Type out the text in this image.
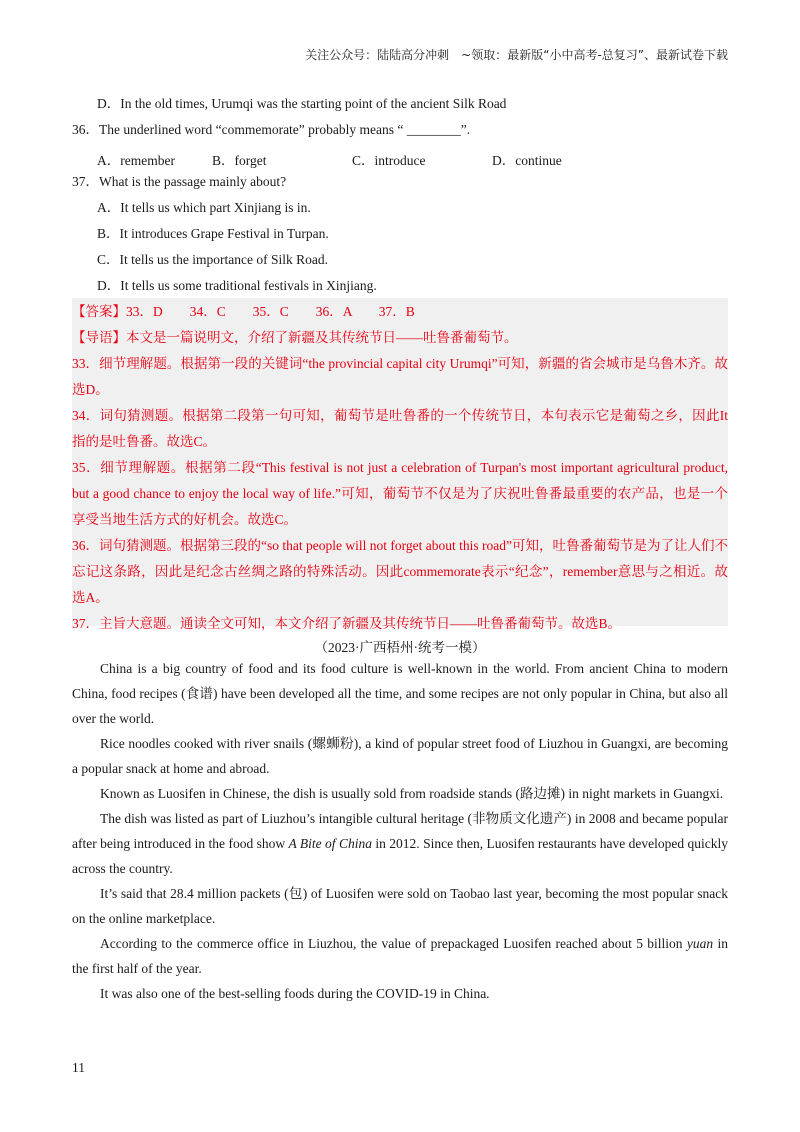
关注公众号：陆陆高分冲刺　~领取：最新版“小中高考-总复习”、最新试卷下载
D．In the old times, Urumqi was the starting point of the ancient Silk Road
36．The underlined word “commemorate” probably means “ ________”.
A．remember	B．forget	C．introduce	D．continue
37．What is the passage mainly about?
A．It tells us which part Xinjiang is in.
B．It introduces Grape Festival in Turpan.
C．It tells us the importance of Silk Road.
D．It tells us some traditional festivals in Xinjiang.

【答案】33．D　　34．C　　35．C　　36．A　　37．B

【导语】本文是一篇说明文，介绍了新疆及其传统节日——吐鲁番葡萄节。

33．细节理解题。根据第一段的关键词“the provincial capital city Urumqi”可知，新疆的省会城市是乌鲁木齐。故选D。

34．词句猜测题。根据第二段第一句可知，葡萄节是吐鲁番的一个传统节日，本句表示它是葡萄之乡，因此It指的是吐鲁番。故选C。

35．细节理解题。根据第二段“This festival is not just a celebration of Turpan's most important agricultural product, but a good chance to enjoy the local way of life.”可知，葡萄节不仅是为了庆祝吐鲁番最重要的农产品，也是一个享受当地生活方式的好机会。故选C。

36．词句猜测题。根据第三段的“so that people will not forget about this road”可知，吐鲁番葡萄节是为了让人们不忘记这条路，因此是纪念古丝绸之路的特殊活动。因此commemorate表示“纪念”，remember意思与之相近。故选A。

37．主旨大意题。通读全文可知，本文介绍了新疆及其传统节日——吐鲁番葡萄节。故选B。

（2023·广西梧州·统考一模）

China is a big country of food and its food culture is well-known in the world. From ancient China to modern China, food recipes (食谱) have been developed all the time, and some recipes are not only popular in China, but also all over the world.

Rice noodles cooked with river snails (螺蛳粉), a kind of popular street food of Liuzhou in Guangxi, are becoming a popular snack at home and abroad.

Known as Luosifen in Chinese, the dish is usually sold from roadside stands (路边摊) in night markets in Guangxi.

The dish was listed as part of Liuzhou’s intangible cultural heritage (非物质文化遗产) in 2008 and became popular after being introduced in the food show A Bite of China in 2012. Since then, Luosifen restaurants have developed quickly across the country.

It’s said that 28.4 million packets (包) of Luosifen were sold on Taobao last year, becoming the most popular snack on the online marketplace.

According to the commerce office in Liuzhou, the value of prepackaged Luosifen reached about 5 billion yuan in the first half of the year.

It was also one of the best-selling foods during the COVID-19 in China.

11
